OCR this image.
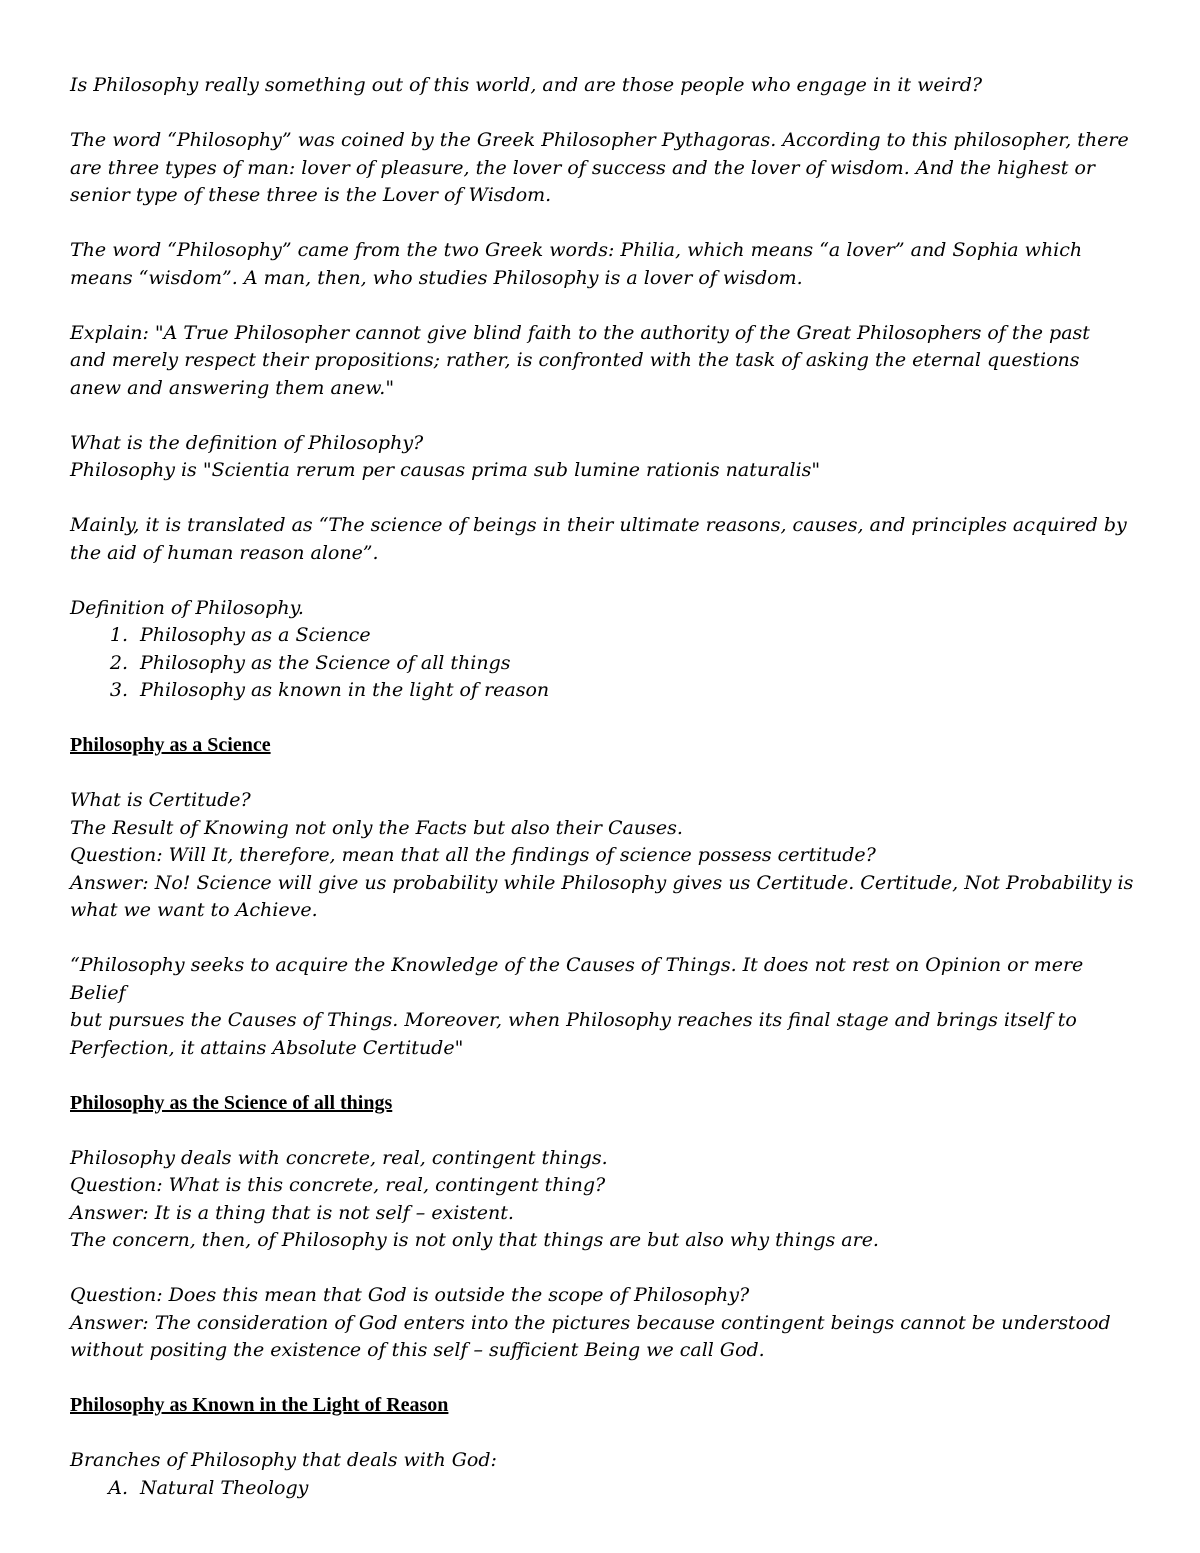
Is Philosophy really something out of this world, and are those people who engage in it weird?

The word “Philosophy” was coined by the Greek Philosopher Pythagoras. According to this philosopher, there
are three types of man: lover of pleasure, the lover of success and the lover of wisdom. And the highest or
senior type of these three is the Lover of Wisdom.

The word “Philosophy” came from the two Greek words: Philia, which means “a lover” and Sophia which
means “wisdom”. A man, then, who studies Philosophy is a lover of wisdom.

Explain: "A True Philosopher cannot give blind faith to the authority of the Great Philosophers of the past
and merely respect their propositions; rather, is confronted with the task of asking the eternal questions
anew and answering them anew."

What is the definition of Philosophy?
Philosophy is "Scientia rerum per causas prima sub lumine rationis naturalis"

Mainly, it is translated as “The science of beings in their ultimate reasons, causes, and principles acquired by
the aid of human reason alone”.

Definition of Philosophy.

1. Philosophy as a Science
2. Philosophy as the Science of all things
3. Philosophy as known in the light of reason
Philosophy as a Science

What is Certitude?
The Result of Knowing not only the Facts but also their Causes.
Question: Will It, therefore, mean that all the findings of science possess certitude?
Answer: No! Science will give us probability while Philosophy gives us Certitude. Certitude, Not Probability is
what we want to Achieve.

“Philosophy seeks to acquire the Knowledge of the Causes of Things. It does not rest on Opinion or mere Belief
but pursues the Causes of Things. Moreover, when Philosophy reaches its final stage and brings itself to
Perfection, it attains Absolute Certitude"

Philosophy as the Science of all things

Philosophy deals with concrete, real, contingent things.
Question: What is this concrete, real, contingent thing?
Answer: It is a thing that is not self – existent.
The concern, then, of Philosophy is not only that things are but also why things are.

Question: Does this mean that God is outside the scope of Philosophy?
Answer: The consideration of God enters into the pictures because contingent beings cannot be understood
without positing the existence of this self – sufficient Being we call God.

Philosophy as Known in the Light of Reason

Branches of Philosophy that deals with God:

A. Natural Theology
